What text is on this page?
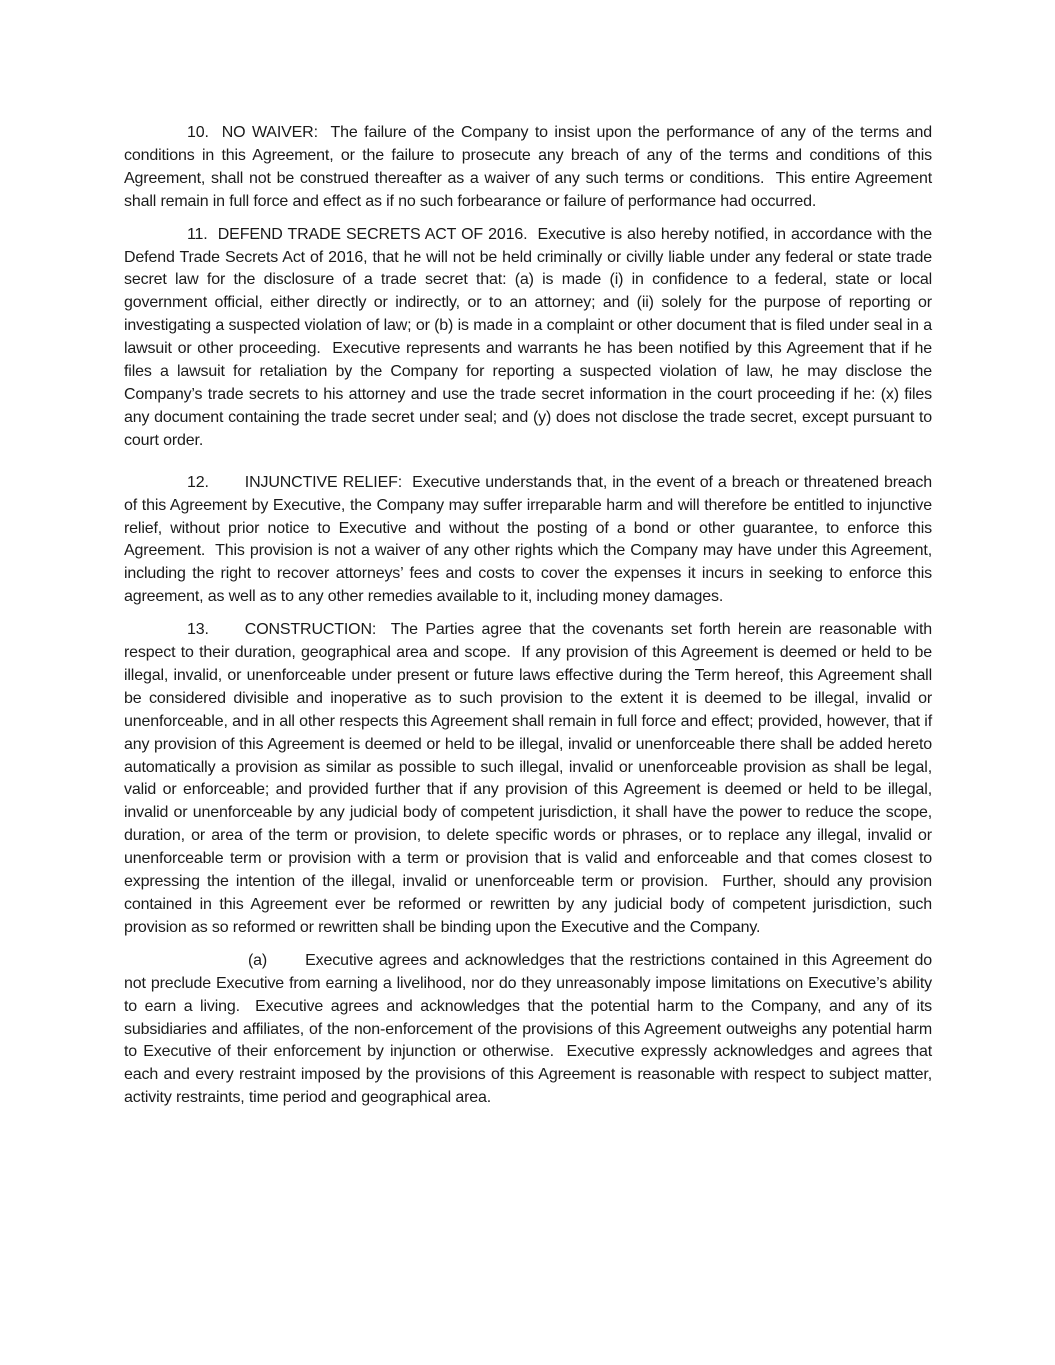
10. NO WAIVER:  The failure of the Company to insist upon the performance of any of the terms and conditions in this Agreement, or the failure to prosecute any breach of any of the terms and conditions of this Agreement, shall not be construed thereafter as a waiver of any such terms or conditions.  This entire Agreement shall remain in full force and effect as if no such forbearance or failure of performance had occurred.

11. DEFEND TRADE SECRETS ACT OF 2016.  Executive is also hereby notified, in accordance with the Defend Trade Secrets Act of 2016, that he will not be held criminally or civilly liable under any federal or state trade secret law for the disclosure of a trade secret that: (a) is made (i) in confidence to a federal, state or local government official, either directly or indirectly, or to an attorney; and (ii) solely for the purpose of reporting or investigating a suspected violation of law; or (b) is made in a complaint or other document that is filed under seal in a lawsuit or other proceeding.  Executive represents and warrants he has been notified by this Agreement that if he files a lawsuit for retaliation by the Company for reporting a suspected violation of law, he may disclose the Company’s trade secrets to his attorney and use the trade secret information in the court proceeding if he: (x) files any document containing the trade secret under seal; and (y) does not disclose the trade secret, except pursuant to court order.

12. INJUNCTIVE RELIEF:  Executive understands that, in the event of a breach or threatened breach of this Agreement by Executive, the Company may suffer irreparable harm and will therefore be entitled to injunctive relief, without prior notice to Executive and without the posting of a bond or other guarantee, to enforce this Agreement.  This provision is not a waiver of any other rights which the Company may have under this Agreement, including the right to recover attorneys’ fees and costs to cover the expenses it incurs in seeking to enforce this agreement, as well as to any other remedies available to it, including money damages.

13. CONSTRUCTION:  The Parties agree that the covenants set forth herein are reasonable with respect to their duration, geographical area and scope.  If any provision of this Agreement is deemed or held to be illegal, invalid, or unenforceable under present or future laws effective during the Term hereof, this Agreement shall be considered divisible and inoperative as to such provision to the extent it is deemed to be illegal, invalid or unenforceable, and in all other respects this Agreement shall remain in full force and effect; provided, however, that if any provision of this Agreement is deemed or held to be illegal, invalid or unenforceable there shall be added hereto automatically a provision as similar as possible to such illegal, invalid or unenforceable provision as shall be legal, valid or enforceable; and provided further that if any provision of this Agreement is deemed or held to be illegal, invalid or unenforceable by any judicial body of competent jurisdiction, it shall have the power to reduce the scope, duration, or area of the term or provision, to delete specific words or phrases, or to replace any illegal, invalid or unenforceable term or provision with a term or provision that is valid and enforceable and that comes closest to expressing the intention of the illegal, invalid or unenforceable term or provision.  Further, should any provision contained in this Agreement ever be reformed or rewritten by any judicial body of competent jurisdiction, such provision as so reformed or rewritten shall be binding upon the Executive and the Company.

(a) Executive agrees and acknowledges that the restrictions contained in this Agreement do not preclude Executive from earning a livelihood, nor do they unreasonably impose limitations on Executive’s ability to earn a living.  Executive agrees and acknowledges that the potential harm to the Company, and any of its subsidiaries and affiliates, of the non-enforcement of the provisions of this Agreement outweighs any potential harm to Executive of their enforcement by injunction or otherwise.  Executive expressly acknowledges and agrees that each and every restraint imposed by the provisions of this Agreement is reasonable with respect to subject matter, activity restraints, time period and geographical area.
